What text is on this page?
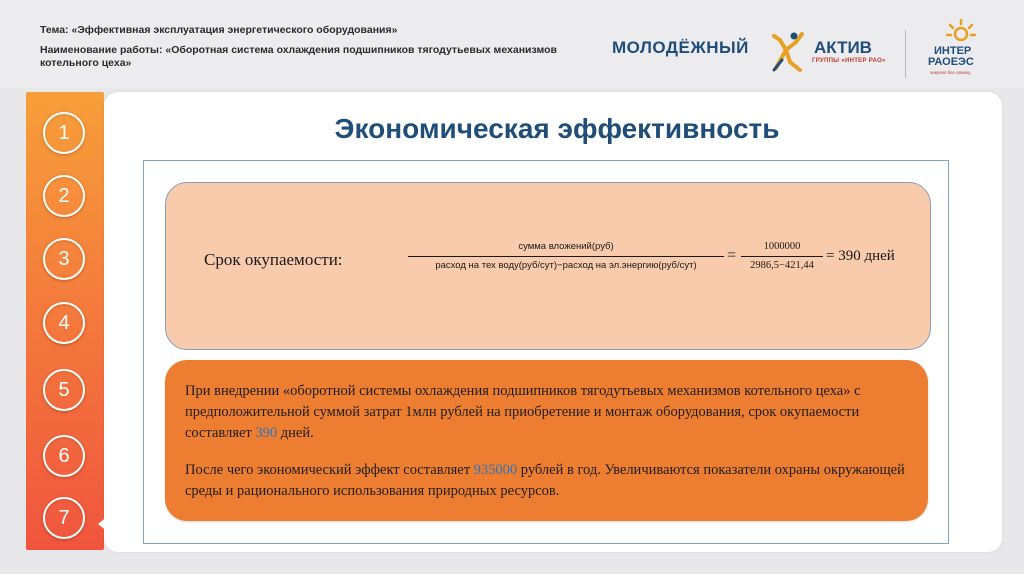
Тема: «Эффективная эксплуатация энергетического оборудования»
Наименование работы: «Оборотная система охлаждения подшипников тягодутьевых механизмов котельного цеха»
МОЛОДЁЖНЫЙ	АКТИВ
ГРУППЫ «ИНТЕР РАО»
ИНТЕР
РАОЕЭС
энергия без границ
1
2
3
4
5
6
7
Экономическая эффективность
Срок окупаемости:
сумма вложений(руб)
расход на тех воду(руб/сут)−расход на эл.энергию(руб/сут)
=
1000000
2986,5−421,44
= 390 дней
При внедрении «оборотной системы охлаждения подшипников тягодутьевых механизмов котельного цеха» с предположительной суммой затрат 1млн рублей на приобретение и монтаж оборудования, срок окупаемости составляет 390 дней.
После чего экономический эффект составляет 935000 рублей в год. Увеличиваются показатели охраны окружающей среды и рационального использования природных ресурсов.
